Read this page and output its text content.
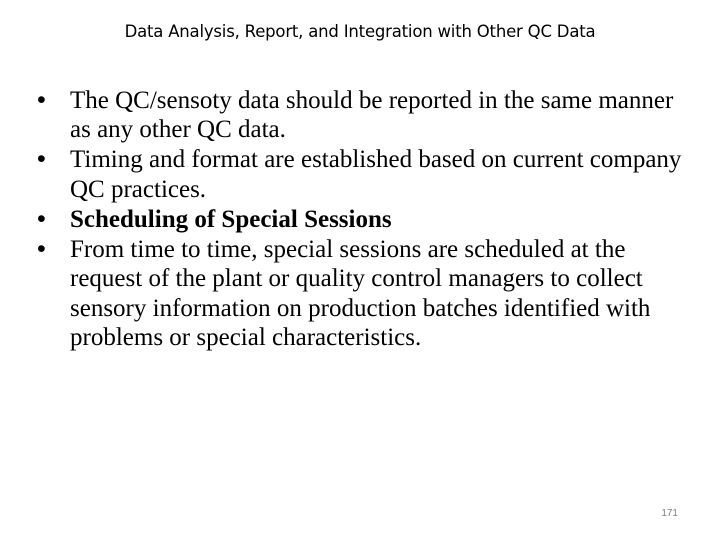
Data Analysis, Report, and Integration with Other QC Data
• The QC/sensoty data should be reported in the same manner as any other QC data.
• Timing and format are established based on current company QC practices.
• Scheduling of Special Sessions
• From time to time, special sessions are scheduled at the request of the plant or quality control managers to collect sensory information on production batches identified with problems or special characteristics.
171
